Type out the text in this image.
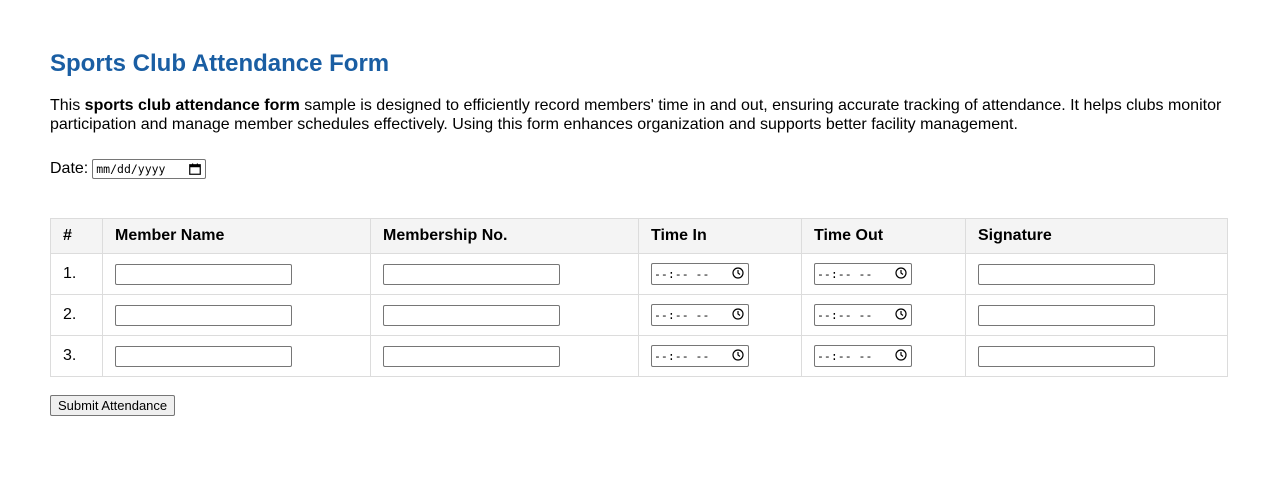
Sports Club Attendance Form

This sports club attendance form sample is designed to efficiently record members' time in and out, ensuring accurate tracking of attendance. It helps clubs monitor participation and manage member schedules effectively. Using this form enhances organization and supports better facility management.

Date: mm/dd/yyyy
#	Member Name	Membership No.	Time In	Time Out	Signature
1.			--:-- --	--:-- --	

2.			--:-- --	--:-- --	

3.			--:-- --	--:-- --	

Submit Attendance
